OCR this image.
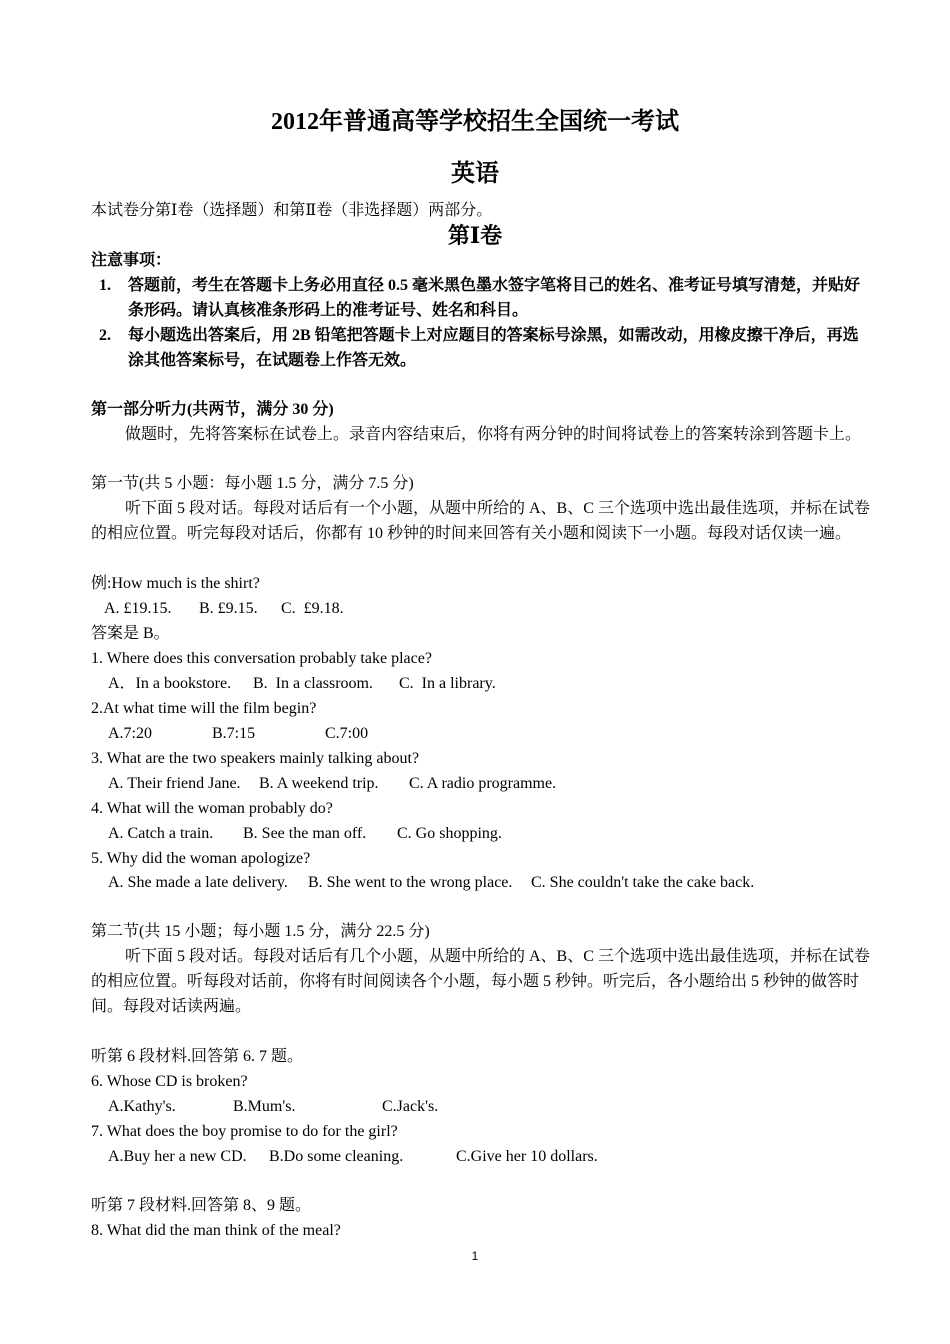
2012年普通高等学校招生全国统一考试
英语
本试卷分第Ⅰ卷（选择题）和第Ⅱ卷（非选择题）两部分。
第Ⅰ卷
注意事项：
1. 答题前，考生在答题卡上务必用直径 0.5 毫米黑色墨水签字笔将目己的姓名、准考证号填写清楚，并贴好条形码。请认真核准条形码上的准考证号、姓名和科目。
2. 每小题选出答案后，用 2B 铅笔把答题卡上对应题目的答案标号涂黑，如需改动，用橡皮擦干净后，再选涂其他答案标号，在试题卷上作答无效。
第一部分听力(共两节，满分 30 分)
做题时，先将答案标在试卷上。录音内容结束后，你将有两分钟的时间将试卷上的答案转涂到答题卡上。
第一节(共 5 小题：每小题 1.5 分，满分 7.5 分)
听下面 5 段对话。每段对话后有一个小题，从题中所给的 A、B、C 三个选项中选出最佳选项，并标在试卷的相应位置。听完每段对话后，你都有 10 秒钟的时间来回答有关小题和阅读下一小题。每段对话仅读一遍。
例:How much is the shirt?
A. £19.15. B. £9.15. C.  £9.18.
答案是 B。
1. Where does this conversation probably take place?
A．In a bookstore. B.  In a classroom. C.  In a library.
2.At what time will the film begin?
A.7:20	B.7:15	C.7:00
3. What are the two speakers mainly talking about?
A. Their friend Jane. B. A weekend trip. C. A radio programme.
4. What will the woman probably do?
A. Catch a train. B. See the man off. C. Go shopping.
5. Why did the woman apologize?
A. She made a late delivery. B. She went to the wrong place. C. She couldn't take the cake back.
第二节(共 15 小题；每小题 1.5 分，满分 22.5 分)
听下面 5 段对话。每段对话后有几个小题，从题中所给的 A、B、C 三个选项中选出最佳选项，并标在试卷的相应位置。听每段对话前，你将有时间阅读各个小题，每小题 5 秒钟。听完后，各小题给出 5 秒钟的做答时间。每段对话读两遍。
听第 6 段材料.回答第 6. 7 题。
6. Whose CD is broken?
A.Kathy's.	B.Mum's.	C.Jack's.
7. What does the boy promise to do for the girl?
A.Buy her a new CD. B.Do some cleaning.	C.Give her 10 dollars.
听第 7 段材料.回答第 8、9 题。
8. What did the man think of the meal?
1
